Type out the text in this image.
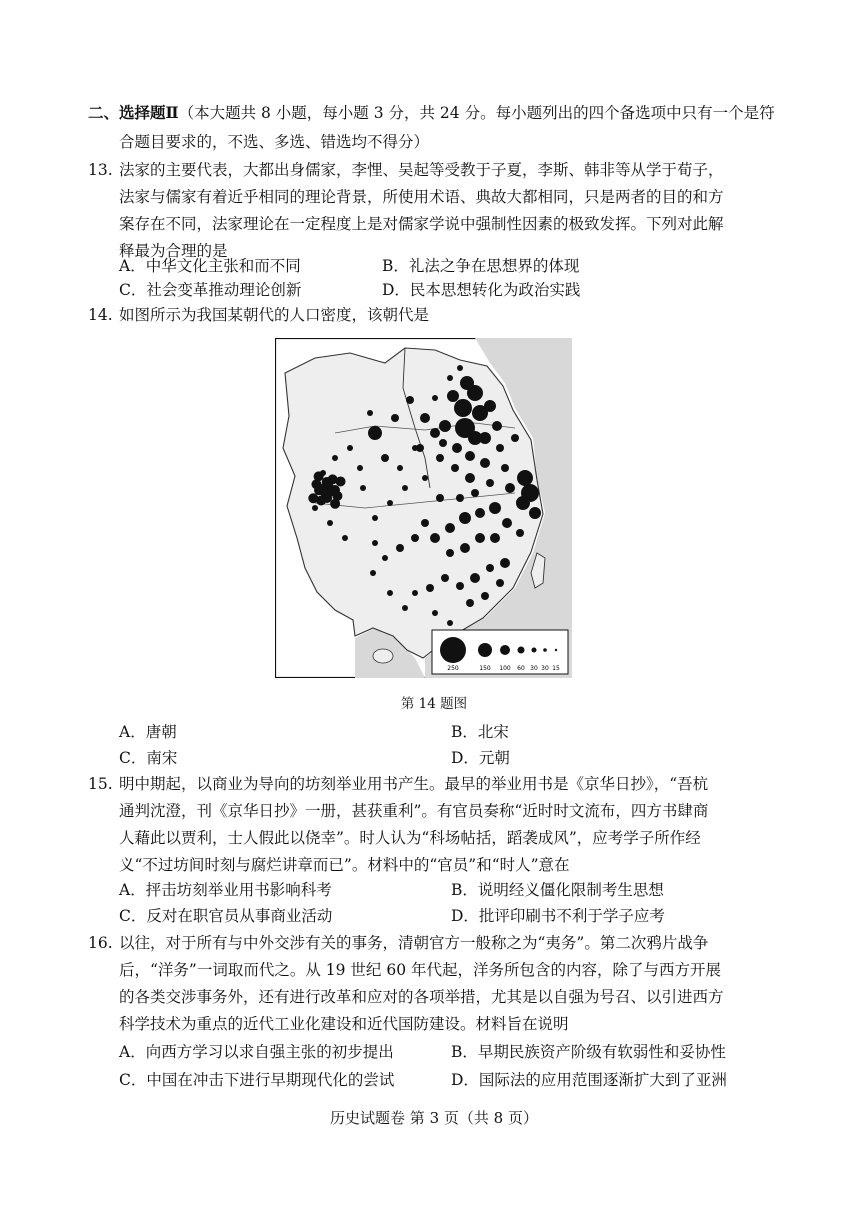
二、选择题Ⅱ（本大题共 8 小题，每小题 3 分，共 24 分。每小题列出的四个备选项中只有一个是符
合题目要求的，不选、多选、错选均不得分）
13. 法家的主要代表，大都出身儒家，李悝、吴起等受教于子夏，李斯、韩非等从学于荀子，
法家与儒家有着近乎相同的理论背景，所使用术语、典故大都相同，只是两者的目的和方
案存在不同，法家理论在一定程度上是对儒家学说中强制性因素的极致发挥。下列对此解
释最为合理的是
A．中华文化主张和而不同	B．礼法之争在思想界的体现
C．社会变革推动理论创新	D．民本思想转化为政治实践
14. 如图所示为我国某朝代的人口密度，该朝代是
250	150 100 60 30 30 15
第 14 题图
A．唐朝	B．北宋
C．南宋	D．元朝
15. 明中期起，以商业为导向的坊刻举业用书产生。最早的举业用书是《京华日抄》，“吾杭
通判沈澄，刊《京华日抄》一册，甚获重利”。有官员奏称“近时时文流布，四方书肆商
人藉此以贾利，士人假此以侥幸”。时人认为“科场帖括，蹈袭成风”，应考学子所作经
义“不过坊间时刻与腐烂讲章而已”。材料中的“官员”和“时人”意在
A．抨击坊刻举业用书影响科考	B．说明经义僵化限制考生思想
C．反对在职官员从事商业活动	D．批评印刷书不利于学子应考
16. 以往，对于所有与中外交涉有关的事务，清朝官方一般称之为“夷务”。第二次鸦片战争
后，“洋务”一词取而代之。从 19 世纪 60 年代起，洋务所包含的内容，除了与西方开展
的各类交涉事务外，还有进行改革和应对的各项举措，尤其是以自强为号召、以引进西方
科学技术为重点的近代工业化建设和近代国防建设。材料旨在说明
A．向西方学习以求自强主张的初步提出	B．早期民族资产阶级有软弱性和妥协性
C．中国在冲击下进行早期现代化的尝试	D．国际法的应用范围逐渐扩大到了亚洲
历史试题卷 第 3 页（共 8 页）
